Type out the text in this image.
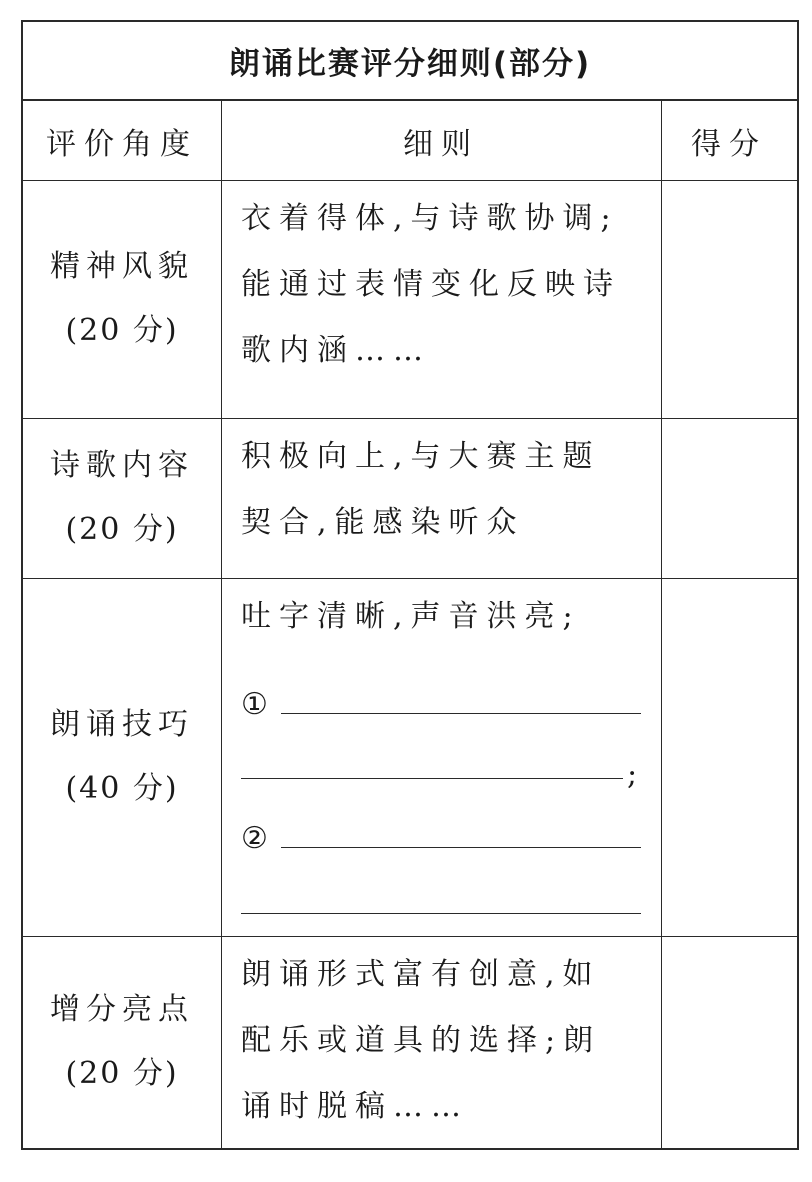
朗诵比赛评分细则(部分)
评价角度	细则	得分
精神风貌
(20 分)

衣着得体,与诗歌协调;

能通过表情变化反映诗

歌内涵……

诗歌内容
(20 分)

积极向上,与大赛主题

契合,能感染听众

朗诵技巧
(40 分)

吐字清晰,声音洪亮;

①
;
②
增分亮点
(20 分)

朗诵形式富有创意,如

配乐或道具的选择;朗

诵时脱稿……
